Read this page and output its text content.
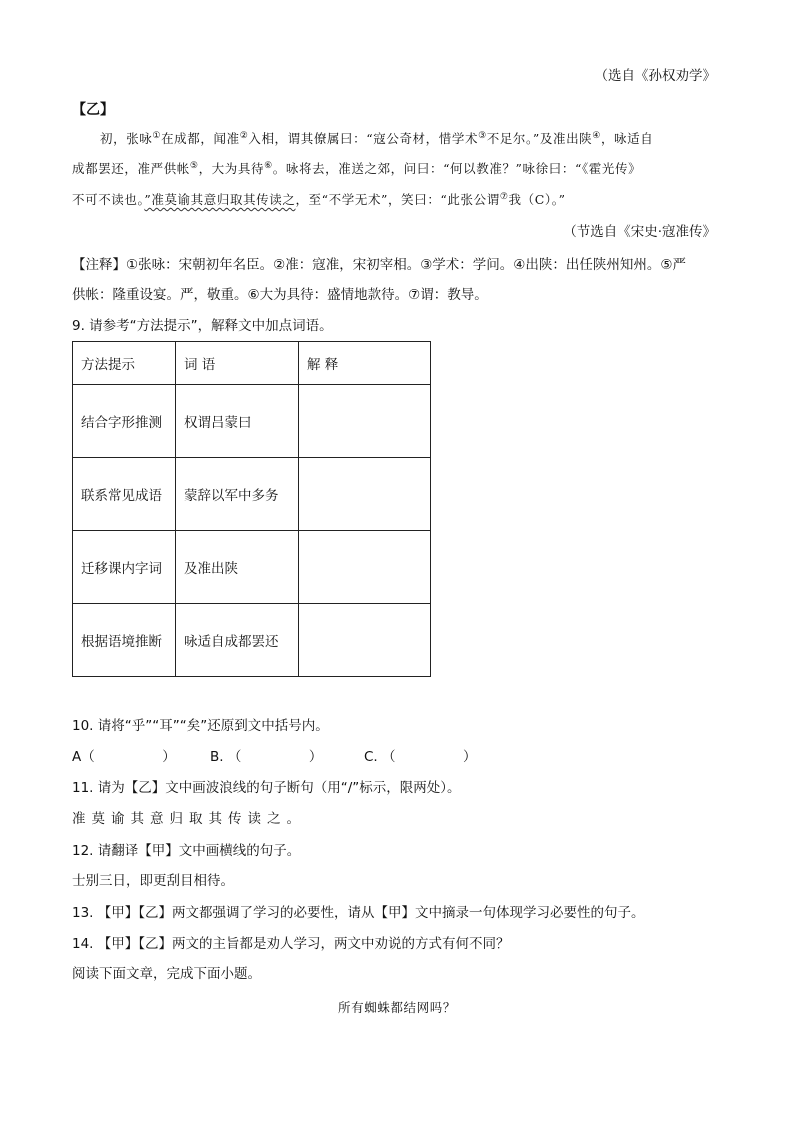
（选自《孙权劝学》
【乙】
初，张咏①在成都，闻准②入相，谓其僚属曰：“寇公奇材，惜学术③不足尔。”及准出陕④，咏适自
成都罢还，准严供帐⑤，大为具待⑥。咏将去，准送之郊，问曰：“何以教准？”咏徐曰：“《霍光传》
不可不读也。”准莫谕其意归取其传读之，至“不学无术”，笑曰：“此张公谓⑦我（C）。”
（节选自《宋史·寇准传》
【注释】①张咏：宋朝初年名臣。②准：寇准，宋初宰相。③学术：学问。④出陕：出任陕州知州。⑤严
供帐：隆重设宴。严，敬重。⑥大为具待：盛情地款待。⑦谓：教导。
9. 请参考“方法提示”，解释文中加点词语。
方法提示	词 语	解 释
结合字形推测	权谓吕蒙曰	
联系常见成语	蒙辞以军中多务	
迁移课内字词	及准出陕	
根据语境推断	咏适自成都罢还	
10. 请将“乎”“耳”“矣”还原到文中括号内。
A（　　　　　）	B. （　　　　　）	C. （　　　　　）
11. 请为【乙】文中画波浪线的句子断句（用“/”标示，限两处）。
准莫谕其意归取其传读之。
12. 请翻译【甲】文中画横线的句子。
士别三日，即更刮目相待。
13. 【甲】【乙】两文都强调了学习的必要性，请从【甲】文中摘录一句体现学习必要性的句子。
14. 【甲】【乙】两文的主旨都是劝人学习，两文中劝说的方式有何不同？
阅读下面文章，完成下面小题。
所有蜘蛛都结网吗？
